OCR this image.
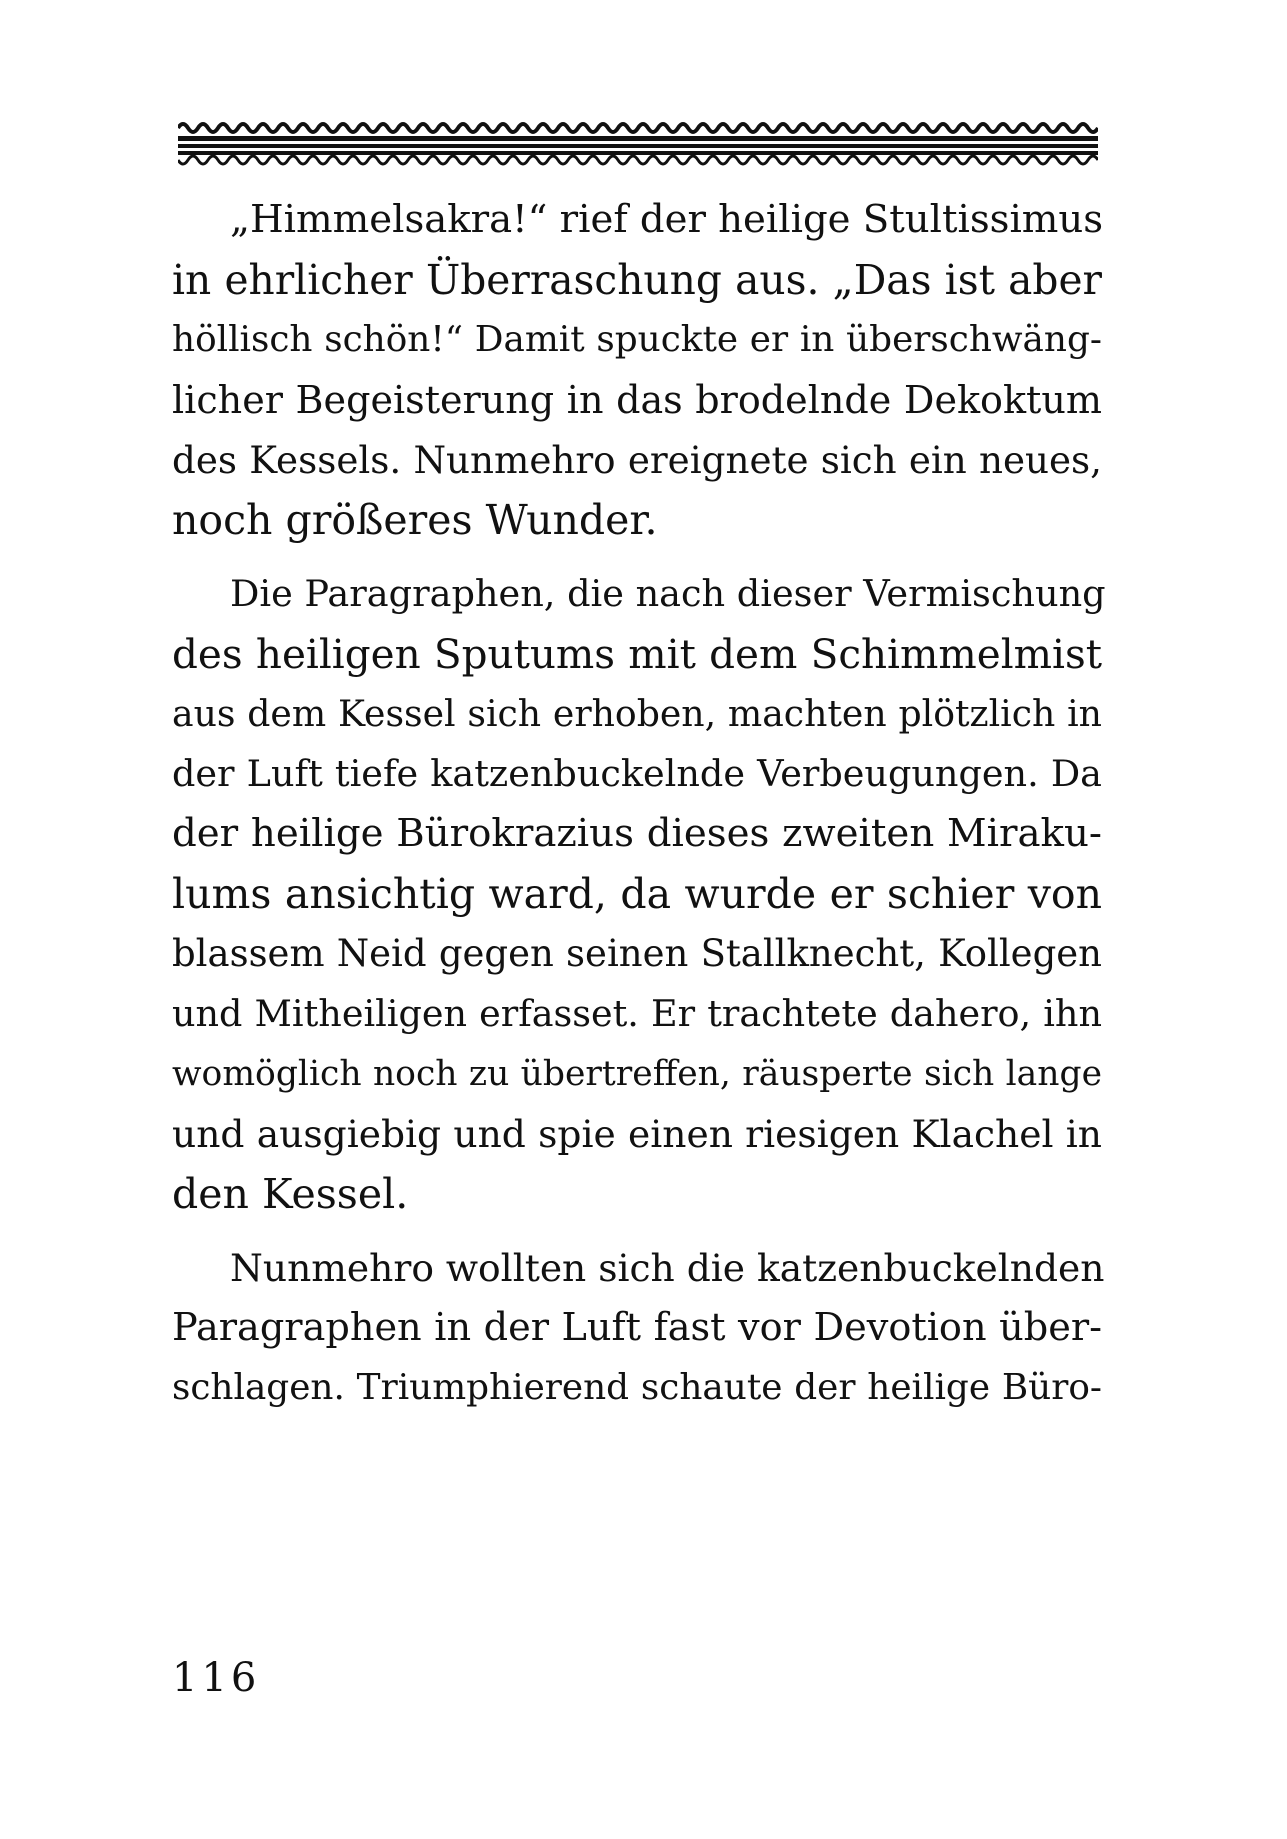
„Himmelsakra!“ rief der heilige Stultissimus
in ehrlicher Überraschung aus. „Das ist aber
höllisch schön!“ Damit spuckte er in überschwäng-
licher Begeisterung in das brodelnde Dekoktum
des Kessels. Nunmehro ereignete sich ein neues,
noch größeres Wunder.

Die Paragraphen, die nach dieser Vermischung
des heiligen Sputums mit dem Schimmelmist
aus dem Kessel sich erhoben, machten plötzlich in
der Luft tiefe katzenbuckelnde Verbeugungen. Da
der heilige Bürokrazius dieses zweiten Miraku-
lums ansichtig ward, da wurde er schier von
blassem Neid gegen seinen Stallknecht, Kollegen
und Mitheiligen erfasset. Er trachtete dahero, ihn
womöglich noch zu übertreffen, räusperte sich lange
und ausgiebig und spie einen riesigen Klachel in
den Kessel.

Nunmehro wollten sich die katzenbuckelnden
Paragraphen in der Luft fast vor Devotion über-
schlagen. Triumphierend schaute der heilige Büro-

116
